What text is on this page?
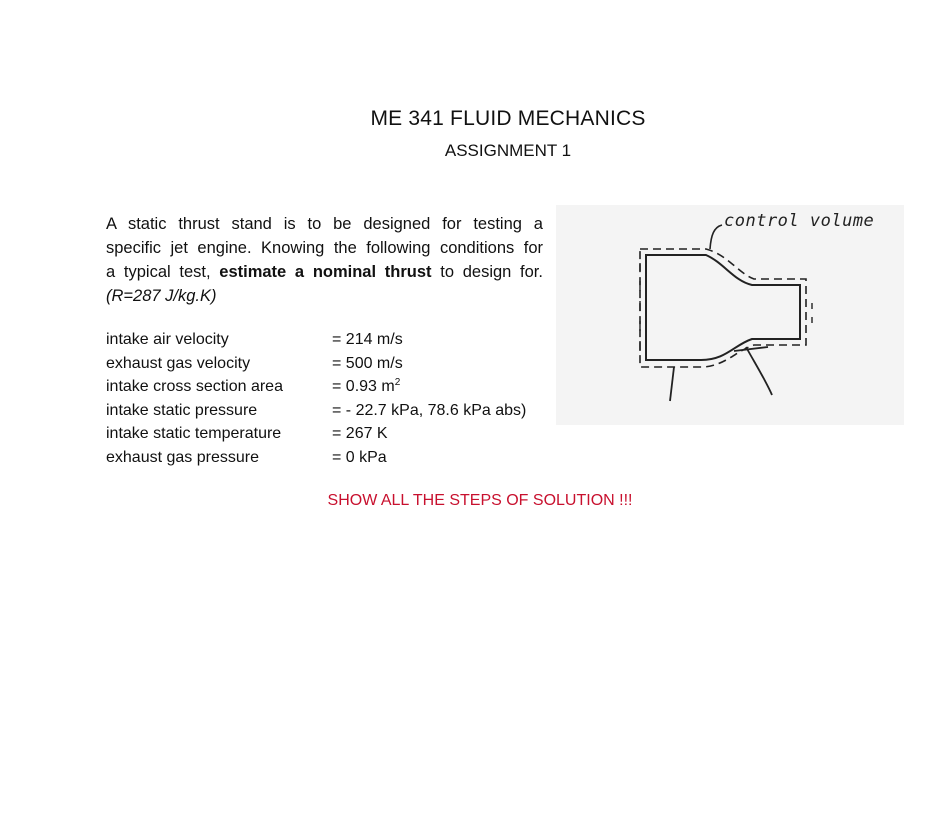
ME 341 FLUID MECHANICS
ASSIGNMENT 1
A static thrust stand is to be designed for testing a
specific jet engine. Knowing the following conditions for
a typical test, estimate a nominal thrust to design for.
(R=287 J/kg.K)
intake air velocity	= 214 m/s
exhaust gas velocity	= 500 m/s
intake cross section area	= 0.93 $m^2$
intake static pressure	= - 22.7 kPa, 78.6 kPa abs)
intake static temperature	= 267 K
exhaust gas pressure	= 0 kPa
SHOW ALL THE STEPS OF SOLUTION !!!
control volume
